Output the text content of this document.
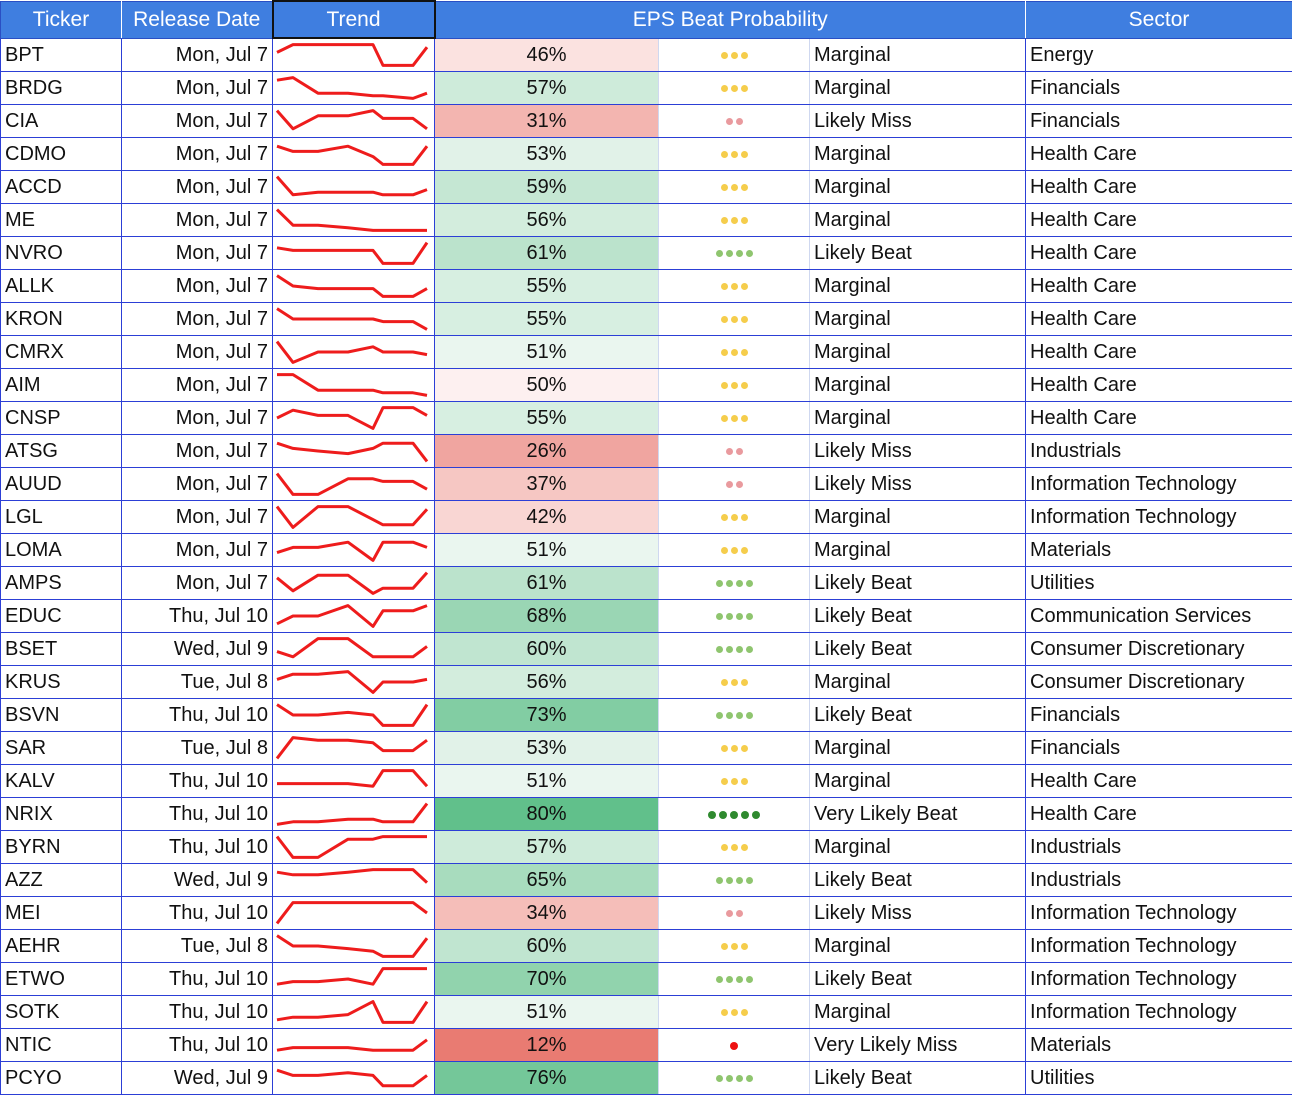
Ticker	Release Date	Trend	EPS Beat Probability			Sector
BPT	Mon, Jul 7		46%		Marginal	Energy
BRDG	Mon, Jul 7		57%		Marginal	Financials
CIA	Mon, Jul 7		31%		Likely Miss	Financials
CDMO	Mon, Jul 7		53%		Marginal	Health Care
ACCD	Mon, Jul 7		59%		Marginal	Health Care
ME	Mon, Jul 7		56%		Marginal	Health Care
NVRO	Mon, Jul 7		61%		Likely Beat	Health Care
ALLK	Mon, Jul 7		55%		Marginal	Health Care
KRON	Mon, Jul 7		55%		Marginal	Health Care
CMRX	Mon, Jul 7		51%		Marginal	Health Care
AIM	Mon, Jul 7		50%		Marginal	Health Care
CNSP	Mon, Jul 7		55%		Marginal	Health Care
ATSG	Mon, Jul 7		26%		Likely Miss	Industrials
AUUD	Mon, Jul 7		37%		Likely Miss	Information Technology
LGL	Mon, Jul 7		42%		Marginal	Information Technology
LOMA	Mon, Jul 7		51%		Marginal	Materials
AMPS	Mon, Jul 7		61%		Likely Beat	Utilities
EDUC	Thu, Jul 10		68%		Likely Beat	Communication Services
BSET	Wed, Jul 9		60%		Likely Beat	Consumer Discretionary
KRUS	Tue, Jul 8		56%		Marginal	Consumer Discretionary
BSVN	Thu, Jul 10		73%		Likely Beat	Financials
SAR	Tue, Jul 8		53%		Marginal	Financials
KALV	Thu, Jul 10		51%		Marginal	Health Care
NRIX	Thu, Jul 10		80%		Very Likely Beat	Health Care
BYRN	Thu, Jul 10		57%		Marginal	Industrials
AZZ	Wed, Jul 9		65%		Likely Beat	Industrials
MEI	Thu, Jul 10		34%		Likely Miss	Information Technology
AEHR	Tue, Jul 8		60%		Marginal	Information Technology
ETWO	Thu, Jul 10		70%		Likely Beat	Information Technology
SOTK	Thu, Jul 10		51%		Marginal	Information Technology
NTIC	Thu, Jul 10		12%		Very Likely Miss	Materials
PCYO	Wed, Jul 9		76%		Likely Beat	Utilities
